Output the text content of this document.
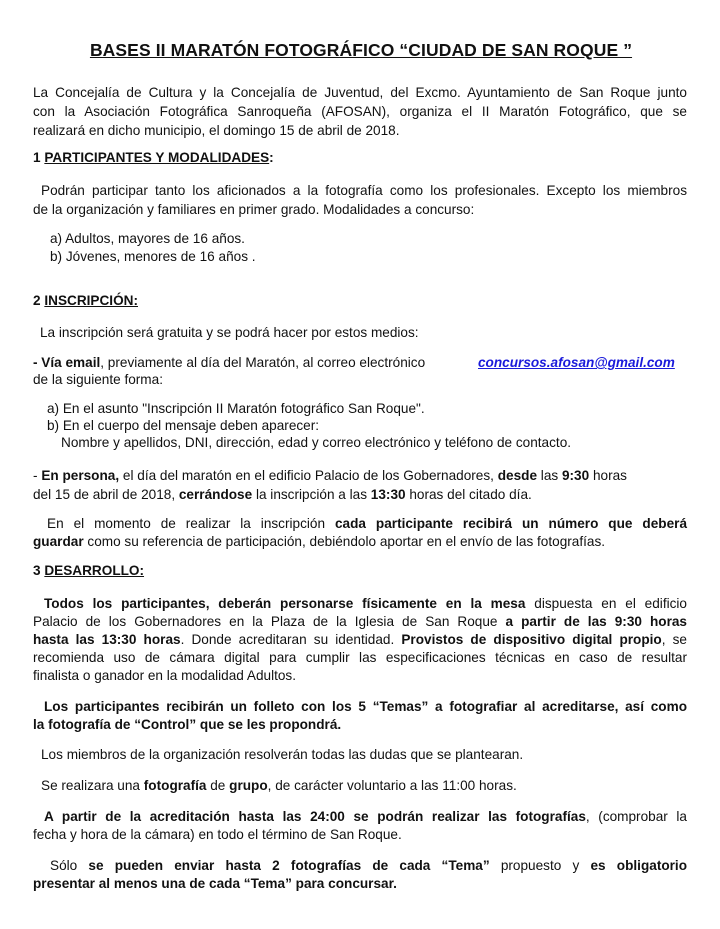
BASES II MARATÓN FOTOGRÁFICO “CIUDAD DE SAN ROQUE ”

La Concejalía de Cultura y la Concejalía de Juventud, del Excmo. Ayuntamiento de San Roque junto

con la Asociación Fotográfica Sanroqueña (AFOSAN), organiza el II Maratón Fotográfico, que se

realizará en dicho municipio, el domingo 15 de abril de 2018.

1 PARTICIPANTES Y MODALIDADES:

Podrán participar tanto los aficionados a la fotografía como los profesionales. Excepto los miembros

de la organización y familiares en primer grado. Modalidades a concurso:

a) Adultos, mayores de 16 años.

b) Jóvenes, menores de 16 años .

2 INSCRIPCIÓN:

La inscripción será gratuita y se podrá hacer por estos medios:

- Vía email, previamente al día del Maratón, al correo electrónico	concursos.afosan@gmail.com

de la siguiente forma:

a) En el asunto "Inscripción II Maratón fotográfico San Roque".

b) En el cuerpo del mensaje deben aparecer:

Nombre y apellidos, DNI, dirección, edad y correo electrónico y teléfono de contacto.

- En persona, el día del maratón en el edificio Palacio de los Gobernadores, desde las 9:30 horas

del 15 de abril de 2018, cerrándose la inscripción a las 13:30 horas del citado día.

En el momento de realizar la inscripción cada participante recibirá un número que deberá

guardar como su referencia de participación, debiéndolo aportar en el envío de las fotografías.

3 DESARROLLO:

Todos los participantes, deberán personarse físicamente en la mesa dispuesta en el edificio

Palacio de los Gobernadores en la Plaza de la Iglesia de San Roque a partir de las 9:30 horas

hasta las 13:30 horas. Donde acreditaran su identidad. Provistos de dispositivo digital propio, se

recomienda uso de cámara digital para cumplir las especificaciones técnicas en caso de resultar

finalista o ganador en la modalidad Adultos.

Los participantes recibirán un folleto con los 5 “Temas” a fotografiar al acreditarse, así como

la fotografía de “Control” que se les propondrá.

Los miembros de la organización resolverán todas las dudas que se plantearan.

Se realizara una fotografía de grupo, de carácter voluntario a las 11:00 horas.

A partir de la acreditación hasta las 24:00 se podrán realizar las fotografías, (comprobar la

fecha y hora de la cámara) en todo el término de San Roque.

Sólo se pueden enviar hasta 2 fotografías de cada “Tema” propuesto y es obligatorio

presentar al menos una de cada “Tema” para concursar.
